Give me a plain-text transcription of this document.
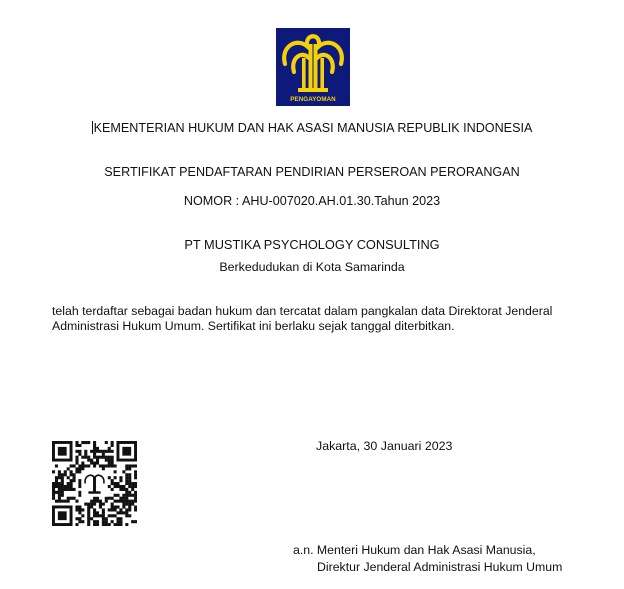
PENGAYOMAN
KEMENTERIAN HUKUM DAN HAK ASASI MANUSIA REPUBLIK INDONESIA
SERTIFIKAT PENDAFTARAN PENDIRIAN PERSEROAN PERORANGAN
NOMOR : AHU-007020.AH.01.30.Tahun 2023
PT MUSTIKA PSYCHOLOGY CONSULTING
Berkedudukan di Kota Samarinda
telah terdaftar sebagai badan hukum dan tercatat dalam pangkalan data Direktorat Jenderal
Administrasi Hukum Umum. Sertifikat ini berlaku sejak tanggal diterbitkan.
Jakarta, 30 Januari 2023
a.n. Menteri Hukum dan Hak Asasi Manusia,
Direktur Jenderal Administrasi Hukum Umum
